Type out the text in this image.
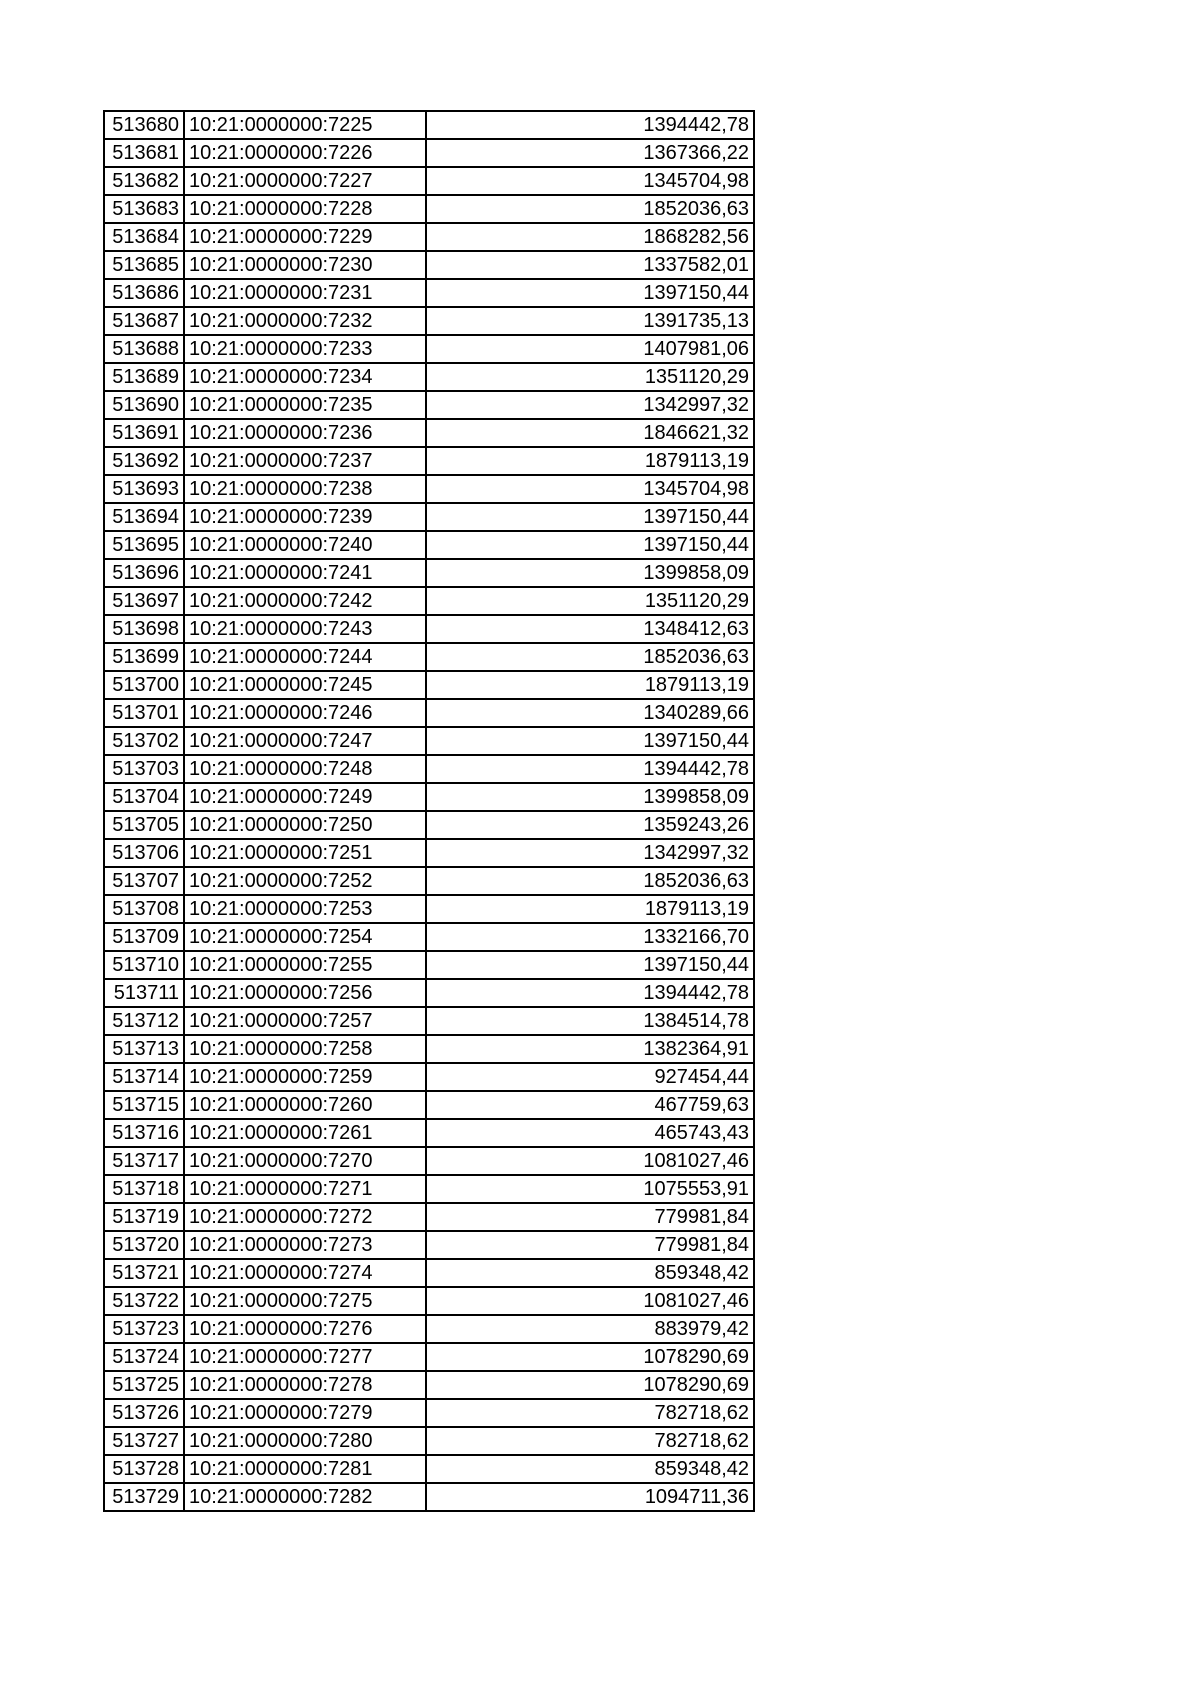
513680	10:21:0000000:7225	1394442,78
513681	10:21:0000000:7226	1367366,22
513682	10:21:0000000:7227	1345704,98
513683	10:21:0000000:7228	1852036,63
513684	10:21:0000000:7229	1868282,56
513685	10:21:0000000:7230	1337582,01
513686	10:21:0000000:7231	1397150,44
513687	10:21:0000000:7232	1391735,13
513688	10:21:0000000:7233	1407981,06
513689	10:21:0000000:7234	1351120,29
513690	10:21:0000000:7235	1342997,32
513691	10:21:0000000:7236	1846621,32
513692	10:21:0000000:7237	1879113,19
513693	10:21:0000000:7238	1345704,98
513694	10:21:0000000:7239	1397150,44
513695	10:21:0000000:7240	1397150,44
513696	10:21:0000000:7241	1399858,09
513697	10:21:0000000:7242	1351120,29
513698	10:21:0000000:7243	1348412,63
513699	10:21:0000000:7244	1852036,63
513700	10:21:0000000:7245	1879113,19
513701	10:21:0000000:7246	1340289,66
513702	10:21:0000000:7247	1397150,44
513703	10:21:0000000:7248	1394442,78
513704	10:21:0000000:7249	1399858,09
513705	10:21:0000000:7250	1359243,26
513706	10:21:0000000:7251	1342997,32
513707	10:21:0000000:7252	1852036,63
513708	10:21:0000000:7253	1879113,19
513709	10:21:0000000:7254	1332166,70
513710	10:21:0000000:7255	1397150,44
513711	10:21:0000000:7256	1394442,78
513712	10:21:0000000:7257	1384514,78
513713	10:21:0000000:7258	1382364,91
513714	10:21:0000000:7259	927454,44
513715	10:21:0000000:7260	467759,63
513716	10:21:0000000:7261	465743,43
513717	10:21:0000000:7270	1081027,46
513718	10:21:0000000:7271	1075553,91
513719	10:21:0000000:7272	779981,84
513720	10:21:0000000:7273	779981,84
513721	10:21:0000000:7274	859348,42
513722	10:21:0000000:7275	1081027,46
513723	10:21:0000000:7276	883979,42
513724	10:21:0000000:7277	1078290,69
513725	10:21:0000000:7278	1078290,69
513726	10:21:0000000:7279	782718,62
513727	10:21:0000000:7280	782718,62
513728	10:21:0000000:7281	859348,42
513729	10:21:0000000:7282	1094711,36
